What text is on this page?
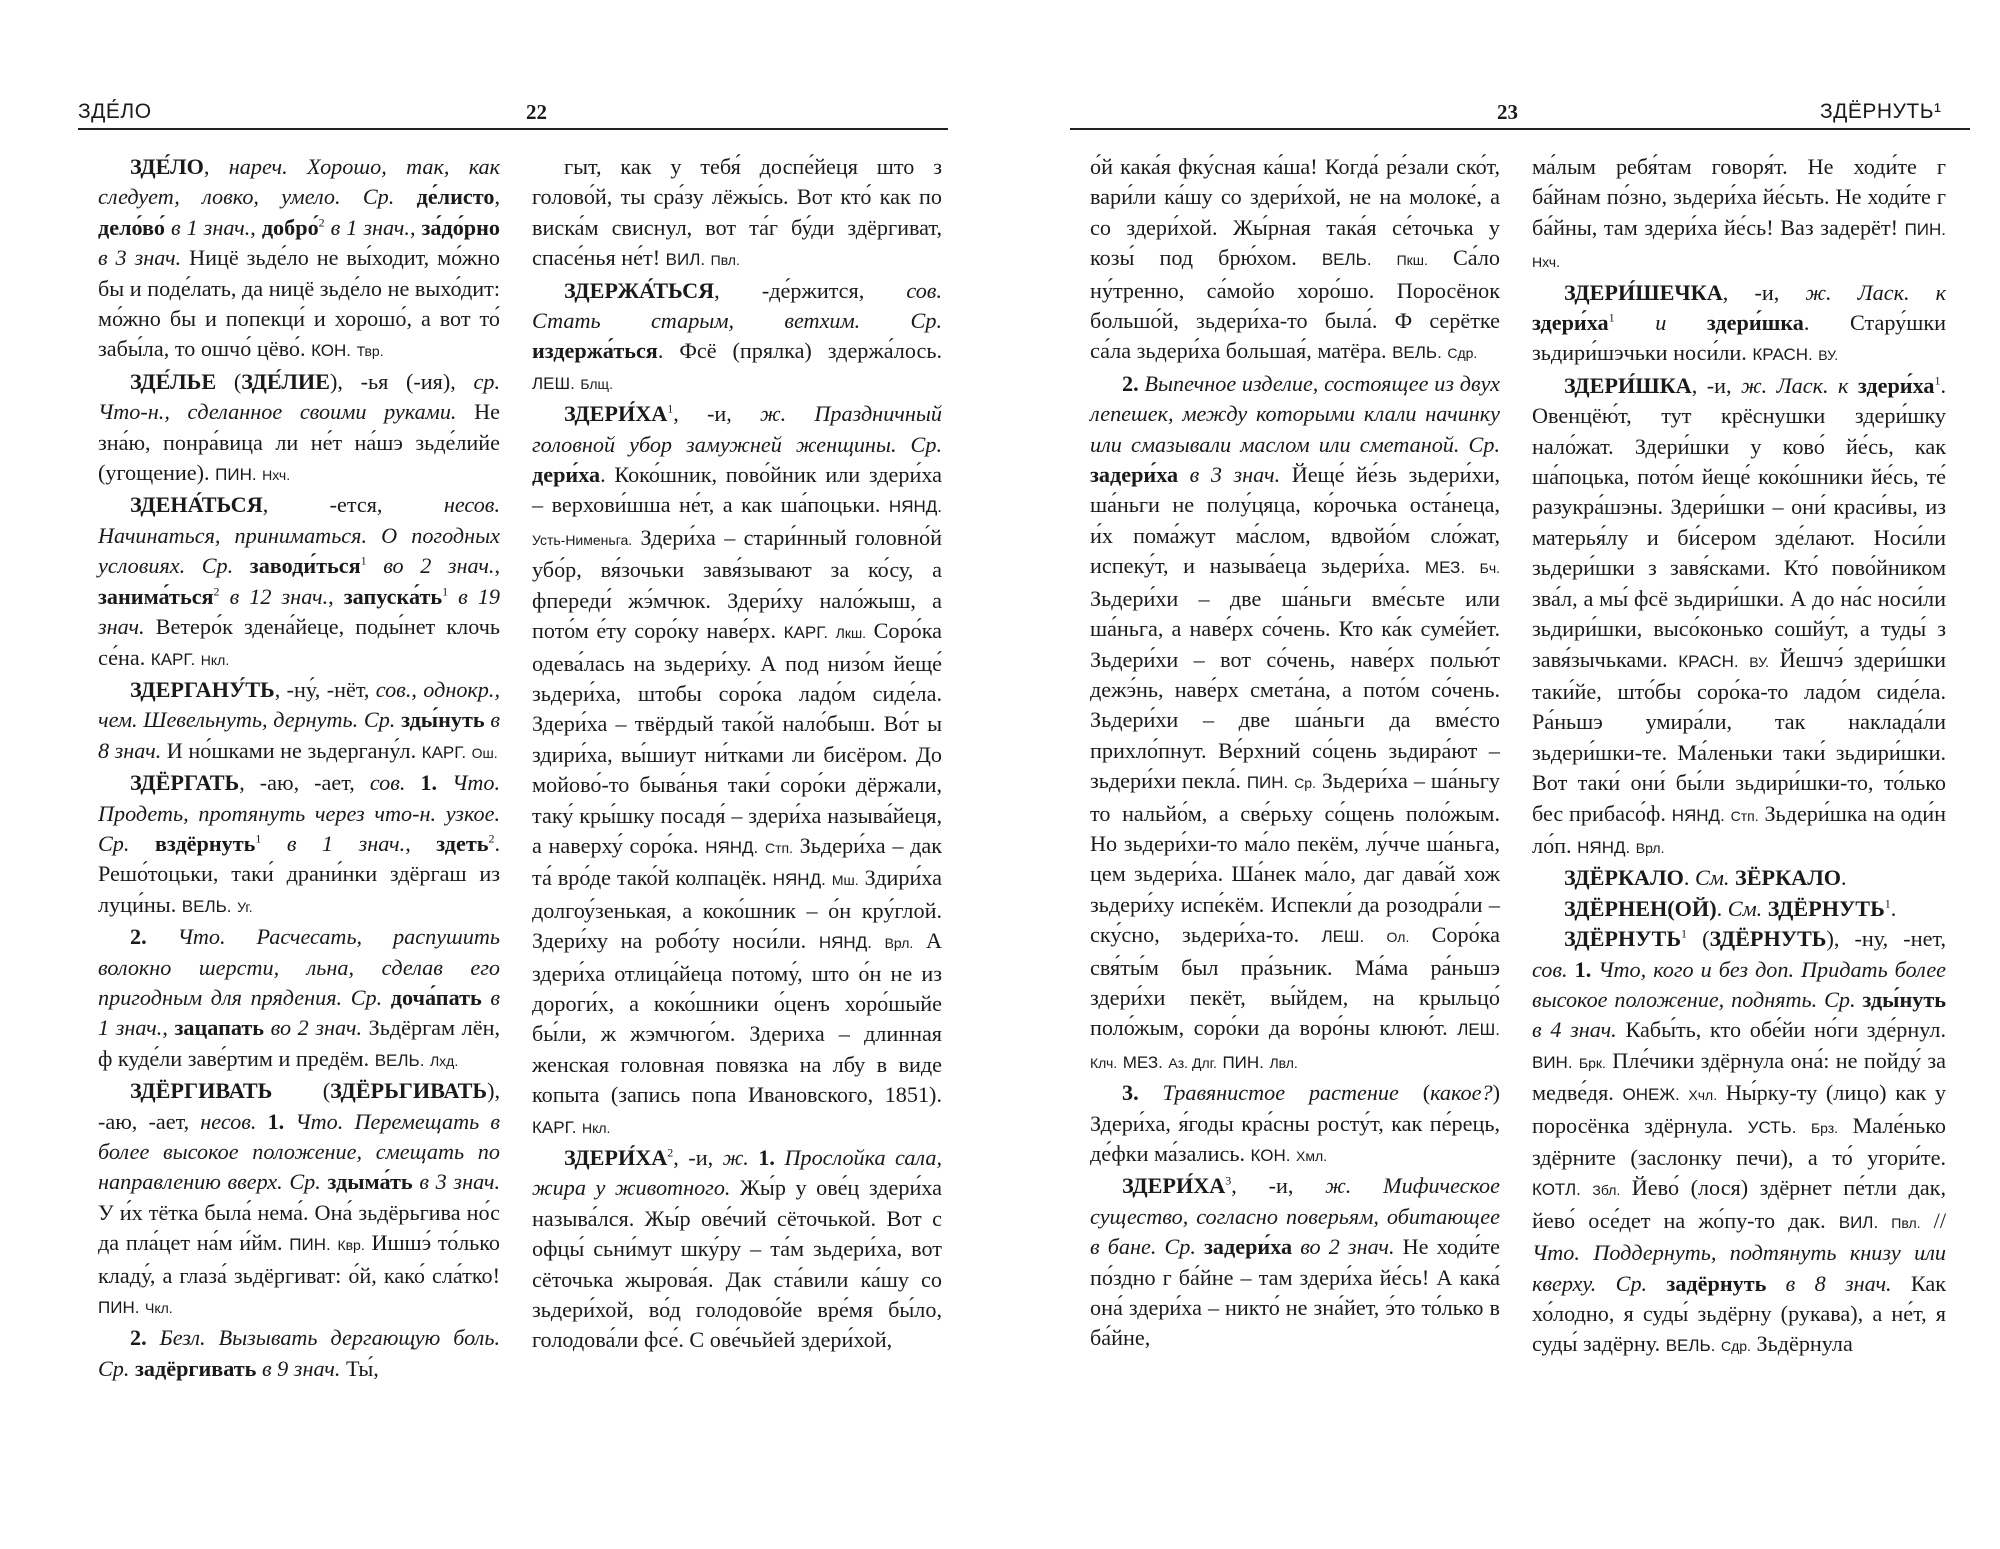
ЗДЕ́ЛО	22

ЗДЕ́ЛО, нареч. Хорошо, так, как следует, ловко, умело. Ср. де́листо, дело́во́ в 1 знач., добро́$^2$ в 1 знач., за́до́рно в 3 знач. Ницё зьде́ло не вы́ходит, мо́жно бы и поде́лать, да ницё зьде́ло не выхо́дит: мо́жно бы и попекци́ и хорошо́, а вот то́ забы́ла, то ошчо́ цёво́. КОН. Твр.

ЗДЕ́ЛЬЕ (ЗДЕ́ЛИЕ), -ья (-ия), ср. Что-н., сделанное своими руками. Не зна́ю, понра́вица ли не́т на́шэ зьде́лийе (угощение). ПИН. Нхч.

ЗДЕНА́ТЬСЯ, -ется, несов. Начинаться, приниматься. О погодных условиях. Ср. заводи́ться$^1$ во 2 знач., занима́ться$^2$ в 12 знач., $запуска́ть^1$ в 19 знач. Ветеро́к здена́йеце, поды́нет клочь се́на. КАРГ. Нкл.

ЗДЕРГАНУ́ТЬ, -ну́, -нёт, сов., однокр., чем. Шевельнуть, дернуть. Ср. зды́нуть в 8 знач. И но́шками не зьдергану́л. КАРГ. Ош.

ЗДЁРГАТЬ, -аю, -ает, сов. 1. Что. Продеть, протянуть через что-н. узкое. Ср. вздёрнуть$^1$ в 1 знач., здеть$^2$. Решо́тоцьки, таки́ драни́нки здёргаш из луци́ны. ВЕЛЬ. Уг.

2. Что. Расчесать, распушить волокно шерсти, льна, сделав его пригодным для прядения. Ср. доча́пать в 1 знач., зацапать во 2 знач. Зьдёргам лён, ф куде́ли заве́ртим и предём. ВЕЛЬ. Лхд.

ЗДЁРГИВАТЬ (ЗДЁРЬГИВАТЬ), -аю, -ает, несов. 1. Что. Перемещать в более высокое положение, смещать по направлению вверх. Ср. здыма́ть в 3 знач. У и́х тётка была́ нема́. Она́ зьдёрьгива но́с да пла́цет на́м и́йм. ПИН. Квр. Ишшэ́ то́лько кладу́, а глаза́ зьдёргиват: о́й, како́ сла́тко! ПИН. Чкл.

2. Безл. Вызывать дергающую боль. Ср. задёргивать в 9 знач. Ты́,

гыт, как у тебя́ доспе́йеця што з голово́й, ты сра́зу лёжы́сь. Вот кто́ как по виска́м свиснул, вот та́г бу́ди здёргиват, спасе́нья не́т! ВИЛ. Пвл.

ЗДЕРЖА́ТЬСЯ, -де́ржится, сов. Стать старым, ветхим. Ср. издержа́ться. Фсё (прялка) здержа́лось. ЛЕШ. Блщ.

$ЗДЕРИ́ХА^1$, -и, ж. Праздничный головной убор замужней женщины. Ср. дери́ха. Коко́шник, пово́йник или здери́ха – верхови́шша не́т, а как ша́поцьки. НЯНД. Усть-Нименьга. Здери́ха – стари́нный головно́й убо́р, вя́зочьки завя́зывают за ко́су, а фпереди́ жэ́мчюк. Здери́ху нало́жыш, а пото́м е́ту соро́ку наве́рх. КАРГ. Лкш. Соро́ка одева́лась на зьдери́ху. А под низо́м йеще́ зьдери́ха, штобы соро́ка ладо́м сиде́ла. Здери́ха – твёрдый тако́й нало́быш. Во́т ы здири́ха, вы́шиут ни́тками ли бисёром. До мойово́-то быва́нья таки́ соро́ки дёржали, таку́ кры́шку посадя́ – здери́ха называ́йеця, а наверху́ соро́ка. НЯНД. Стп. Зьдери́ха – дак та́ вро́де тако́й колпацёк. НЯНД. Мш. Здири́ха долгоу́зенькая, а коко́шник – о́н кру́глой. Здери́ху на робо́ту носи́ли. НЯНД. Врл. А здери́ха отлица́йеца потому́, што о́н не из дороги́х, а коко́шники о́ценъ хоро́шыйе бы́ли, ж жэмчюго́м. Здериха – длинная женская головная повязка на лбу в виде копыта (запись попа Ивановского, 1851). КАРГ. Нкл.

$ЗДЕРИ́ХА^2$, -и, ж. 1. Прослойка сала, жира у животного. Жы́р у ове́ц здери́ха называ́лся. Жы́р ове́чий сёточькой. Вот с офцы́ сьни́мут шку́ру – та́м зьдери́ха, вот сёточька жырова́я. Дак ста́вили ка́шу со зьдери́хой, во́д голодово́йе вре́мя бы́ло, голодова́ли фсе́. С ове́чьйей здери́хой,

23	ЗДЁРНУТЬ¹

о́й кака́я фку́сная ка́ша! Когда́ ре́зали ско́т, вари́ли ка́шу со здери́хой, не на молоке́, а со здери́хой. Жы́рная така́я се́точька у козы́ под брю́хом. ВЕЛЬ. Пкш. Са́ло ну́тренно, са́мойо хоро́шо. Поросёнок большо́й, зьдери́ха-то была́. Ф серётке са́ла зьдери́ха большая́, матёра. ВЕЛЬ. Сдр.

2. Выпечное изделие, состоящее из двух лепешек, между которыми клали начинку или смазывали маслом или сметаной. Ср. задери́ха в 3 знач. Йеще́ йе́зь зьдери́хи, ша́ньги не полу́цяца, ко́рочька оста́нeца, и́х пома́жут ма́слом, вдвойо́м сло́жат, испеку́т, и называ́еца зьдери́ха. МЕЗ. Бч. Зьдери́хи – две ша́ньги вме́сьте или ша́ньга, а наве́рх со́чень. Кто ка́к суме́йет. Зьдери́хи – вот со́чень, наве́рх полью́т дежэ́нь, наве́рх смета́на, а пото́м со́чень. Зьдери́хи – две ша́ньги да вме́сто прихло́пнут. Ве́рхний со́цень зьдира́ют – зьдери́хи пекла́. ПИН. Ср. Зьдери́ха – ша́ньгу то нальйо́м, а све́рьху со́щень поло́жым. Но зьдери́хи-то ма́ло пекём, лу́чче ша́ньга, цем зьдери́ха. Ша́нек ма́ло, даг дава́й хож зьдери́ху испе́кём. Испекли́ да розодра́ли – ску́сно, зьдери́ха-то. ЛЕШ. Ол. Соро́ка свя́ты́м был пра́зьник. Ма́ма ра́ньшэ здери́хи пекёт, вы́йдем, на крыльцо́ поло́жым, соро́ки да воро́ны клюю́т. ЛЕШ. Клч. МЕЗ. Аз. Длг. ПИН. Лвл.

3. Травянистое растение (какое?) Здери́ха, я́годы кра́сны росту́т, как пе́рець, де́фки ма́зались. КОН. Хмл.

$ЗДЕРИ́ХА^3$, -и, ж. Мифическое существо, согласно поверьям, обитающее в бане. Ср. задери́ха во 2 знач. Не ходи́те по́здно г ба́йне – там здери́ха йе́сь! А кака́ она́ здери́ха – никто́ не зна́йет, э́то то́лько в ба́йне,

ма́лым ребя́там говоря́т. Не ходи́те г ба́йнам по́зно, зьдери́ха йе́сьть. Не ходи́те г ба́йны, там здери́ха йе́сь! Ваз задерёт! ПИН. Нхч.

ЗДЕРИ́ШЕЧКА, -и, ж. Ласк. к $здери́ха^1$ и здери́шка. Стару́шки зьдири́шэчьки носи́ли. КРАСН. ВУ.

ЗДЕРИ́ШКА, -и, ж. Ласк. к $здери́ха^1$. Овенцёю́т, тут крёснушки здери́шку нало́жат. Здери́шки у ково́ йе́сь, как ша́поцька, пото́м йеще́ коко́шники йе́сь, те́ разукра́шэны. Здери́шки – они́ краси́вы, из матерья́лу и би́сером зде́лают. Носи́ли зьдери́шки з завя́сками. Кто́ пово́йником зва́л, а мы́ фсё зьдири́шки. А до на́с носи́ли зьдири́шки, высо́конько сошйу́т, а туды́ з завя́зычьками. КРАСН. ВУ. Йешчэ́ здери́шки таки́йе, што́бы соро́ка-то ладо́м сиде́ла. Ра́ньшэ умира́ли, так наклада́ли зьдери́шки-те. Ма́леньки таки́ зьдири́шки. Вот таки́ они́ бы́ли зьдири́шки-то, то́лько бес прибасо́ф. НЯНД. Стп. Зьдери́шка на оди́н ло́п. НЯНД. Врл.

ЗДЁРКАЛО. См. ЗЁРКАЛО.

ЗДЁРНЕН(ОЙ). См. ЗДЁРНУТЬ$^1$.

ЗДЁРНУТЬ$^1$ (ЗДЁРНУТЬ), -ну, -нет, сов. 1. Что, кого и без доп. Придать более высокое положение, поднять. Ср. зды́нуть в 4 знач. Кабы́ть, кто обе́йи но́ги зде́рнул. ВИН. Брк. Пле́чики здёрнула она́: не пойду́ за медве́дя. ОНЕЖ. Хчл. Ны́рку-ту (лицо) как у поросёнка здёрнула. УСТЬ. Брз. Мале́нько здёрните (заслонку печи), а то́ угори́те. КОТЛ. Збл. Йево́ (лося) здёрнет пе́тли дак, йево́ осе́дет на жо́пу-то дак. ВИЛ. Пвл. // Что. Поддернуть, подтянуть книзу или кверху. Ср. задёрнуть в 8 знач. Как хо́лодно, я суды́ зьдёрну (рукава), а не́т, я суды́ задёрну. ВЕЛЬ. Сдр. Зьдёрнула
